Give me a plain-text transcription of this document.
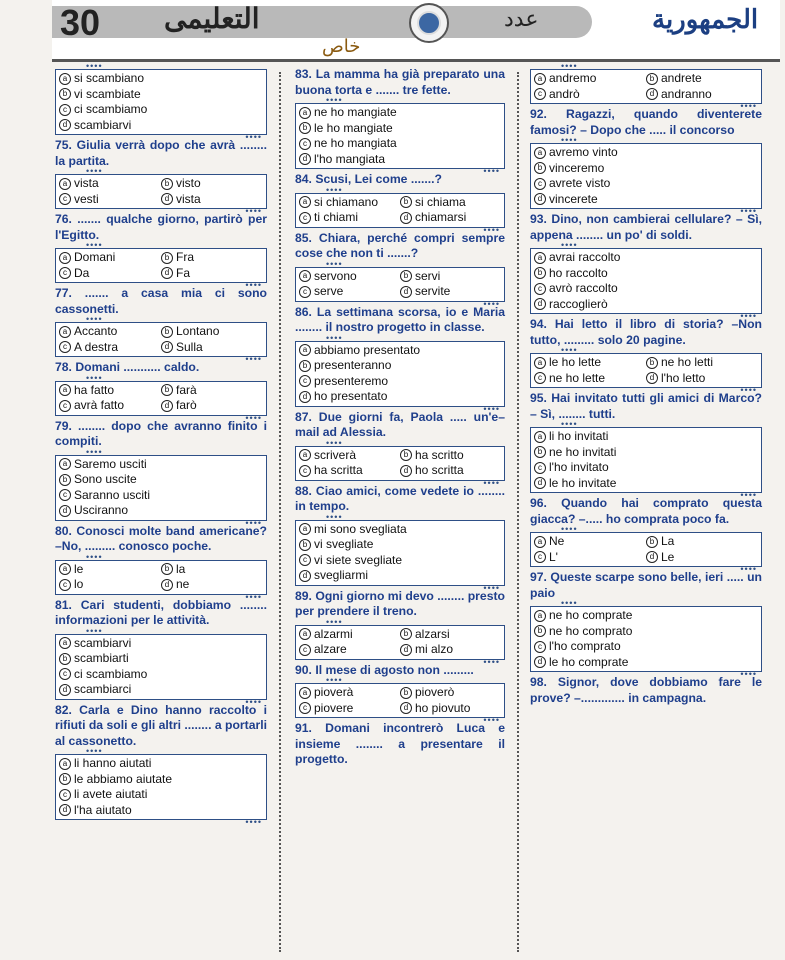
30 التعليمى	عدد
خاص
الجمهورية
•••• a si scambiano
b vi scambiate
c ci scambiamo
d scambiarvi
••••
75. Giulia verrà dopo che avrà ........ la partita.
•••• a vista	b visto
c vesti	d vista
••••
76. ....... qualche giorno, partirò per l'Egitto.
•••• a Domani	b Fra
c Da	d Fa
••••
77. ....... a casa mia ci sono cassonetti.
•••• a Accanto	b Lontano
c A destra	d Sulla
••••
78. Domani ........... caldo.
•••• a ha fatto	b farà
c avrà fatto	d farò
••••
79. ........ dopo che avranno finito i compiti.
•••• a Saremo usciti
b Sono uscite
c Saranno usciti
d Usciranno
••••
80. Conosci molte band americane? –No, ......... conosco poche.
•••• a le	b la
c lo	d ne
••••
81. Cari studenti, dobbiamo ........ informazioni per le attività.
•••• a scambiarvi
b scambiarti
c ci scambiamo
d scambiarci
••••
82. Carla e Dino hanno raccolto i rifiuti da soli e gli altri ........ a portarli al cassonetto.
•••• a li hanno aiutati
b le abbiamo aiutate
c li avete aiutati
d l'ha aiutato
••••
83. La mamma ha già preparato una buona torta e ....... tre fette.
•••• a ne ho mangiate
b le ho mangiate
c ne ho mangiata
d l'ho mangiata
••••
84. Scusi, Lei come .......?
•••• a si chiamano	b si chiama
c ti chiami	d chiamarsi
••••
85. Chiara, perché compri sempre cose che non ti .......?
•••• a servono	b servi
c serve	d servite
••••
86. La settimana scorsa, io e Maria ........ il nostro progetto in classe.
•••• a abbiamo presentato
b presenteranno
c presenteremo
d ho presentato
••••
87. Due giorni fa, Paola ..... un'e–mail ad Alessia.
•••• a scriverà	b ha scritto
c ha scritta	d ho scritta
••••
88. Ciao amici, come vedete io ........ in tempo.
•••• a mi sono svegliata
b vi svegliate
c vi siete svegliate
d svegliarmi
••••
89. Ogni giorno mi devo ........ presto per prendere il treno.
•••• a alzarmi	b alzarsi
c alzare	d mi alzo
••••
90. Il mese di agosto non .........
•••• a pioverà	b pioverò
c piovere	d ho piovuto
••••
91. Domani incontrerò Luca e insieme ........ a presentare il progetto.
•••• a andremo	b andrete
c andrò	d andranno
••••
92. Ragazzi, quando diventerete famosi? – Dopo che ..... il concorso
•••• a avremo vinto
b vinceremo
c avrete visto
d vincerete
••••
93. Dino, non cambierai cellulare? – Sì, appena ........ un po' di soldi.
•••• a avrai raccolto
b ho raccolto
c avrò raccolto
d raccoglierò
••••
94. Hai letto il libro di storia? –Non tutto, ......... solo 20 pagine.
•••• a le ho lette	b ne ho letti
c ne ho lette	d l'ho letto
••••
95. Hai invitato tutti gli amici di Marco? – Sì, ........ tutti.
•••• a li ho invitati
b ne ho invitati
c l'ho invitato
d le ho invitate
••••
96. Quando hai comprato questa giacca? –..... ho comprata poco fa.
•••• a Ne	b La
c L'	d Le
••••
97. Queste scarpe sono belle, ieri ..... un paio
•••• a ne ho comprate
b ne ho comprato
c l'ho comprato
d le ho comprate
••••
98. Signor, dove dobbiamo fare le prove? –............. in campagna.
